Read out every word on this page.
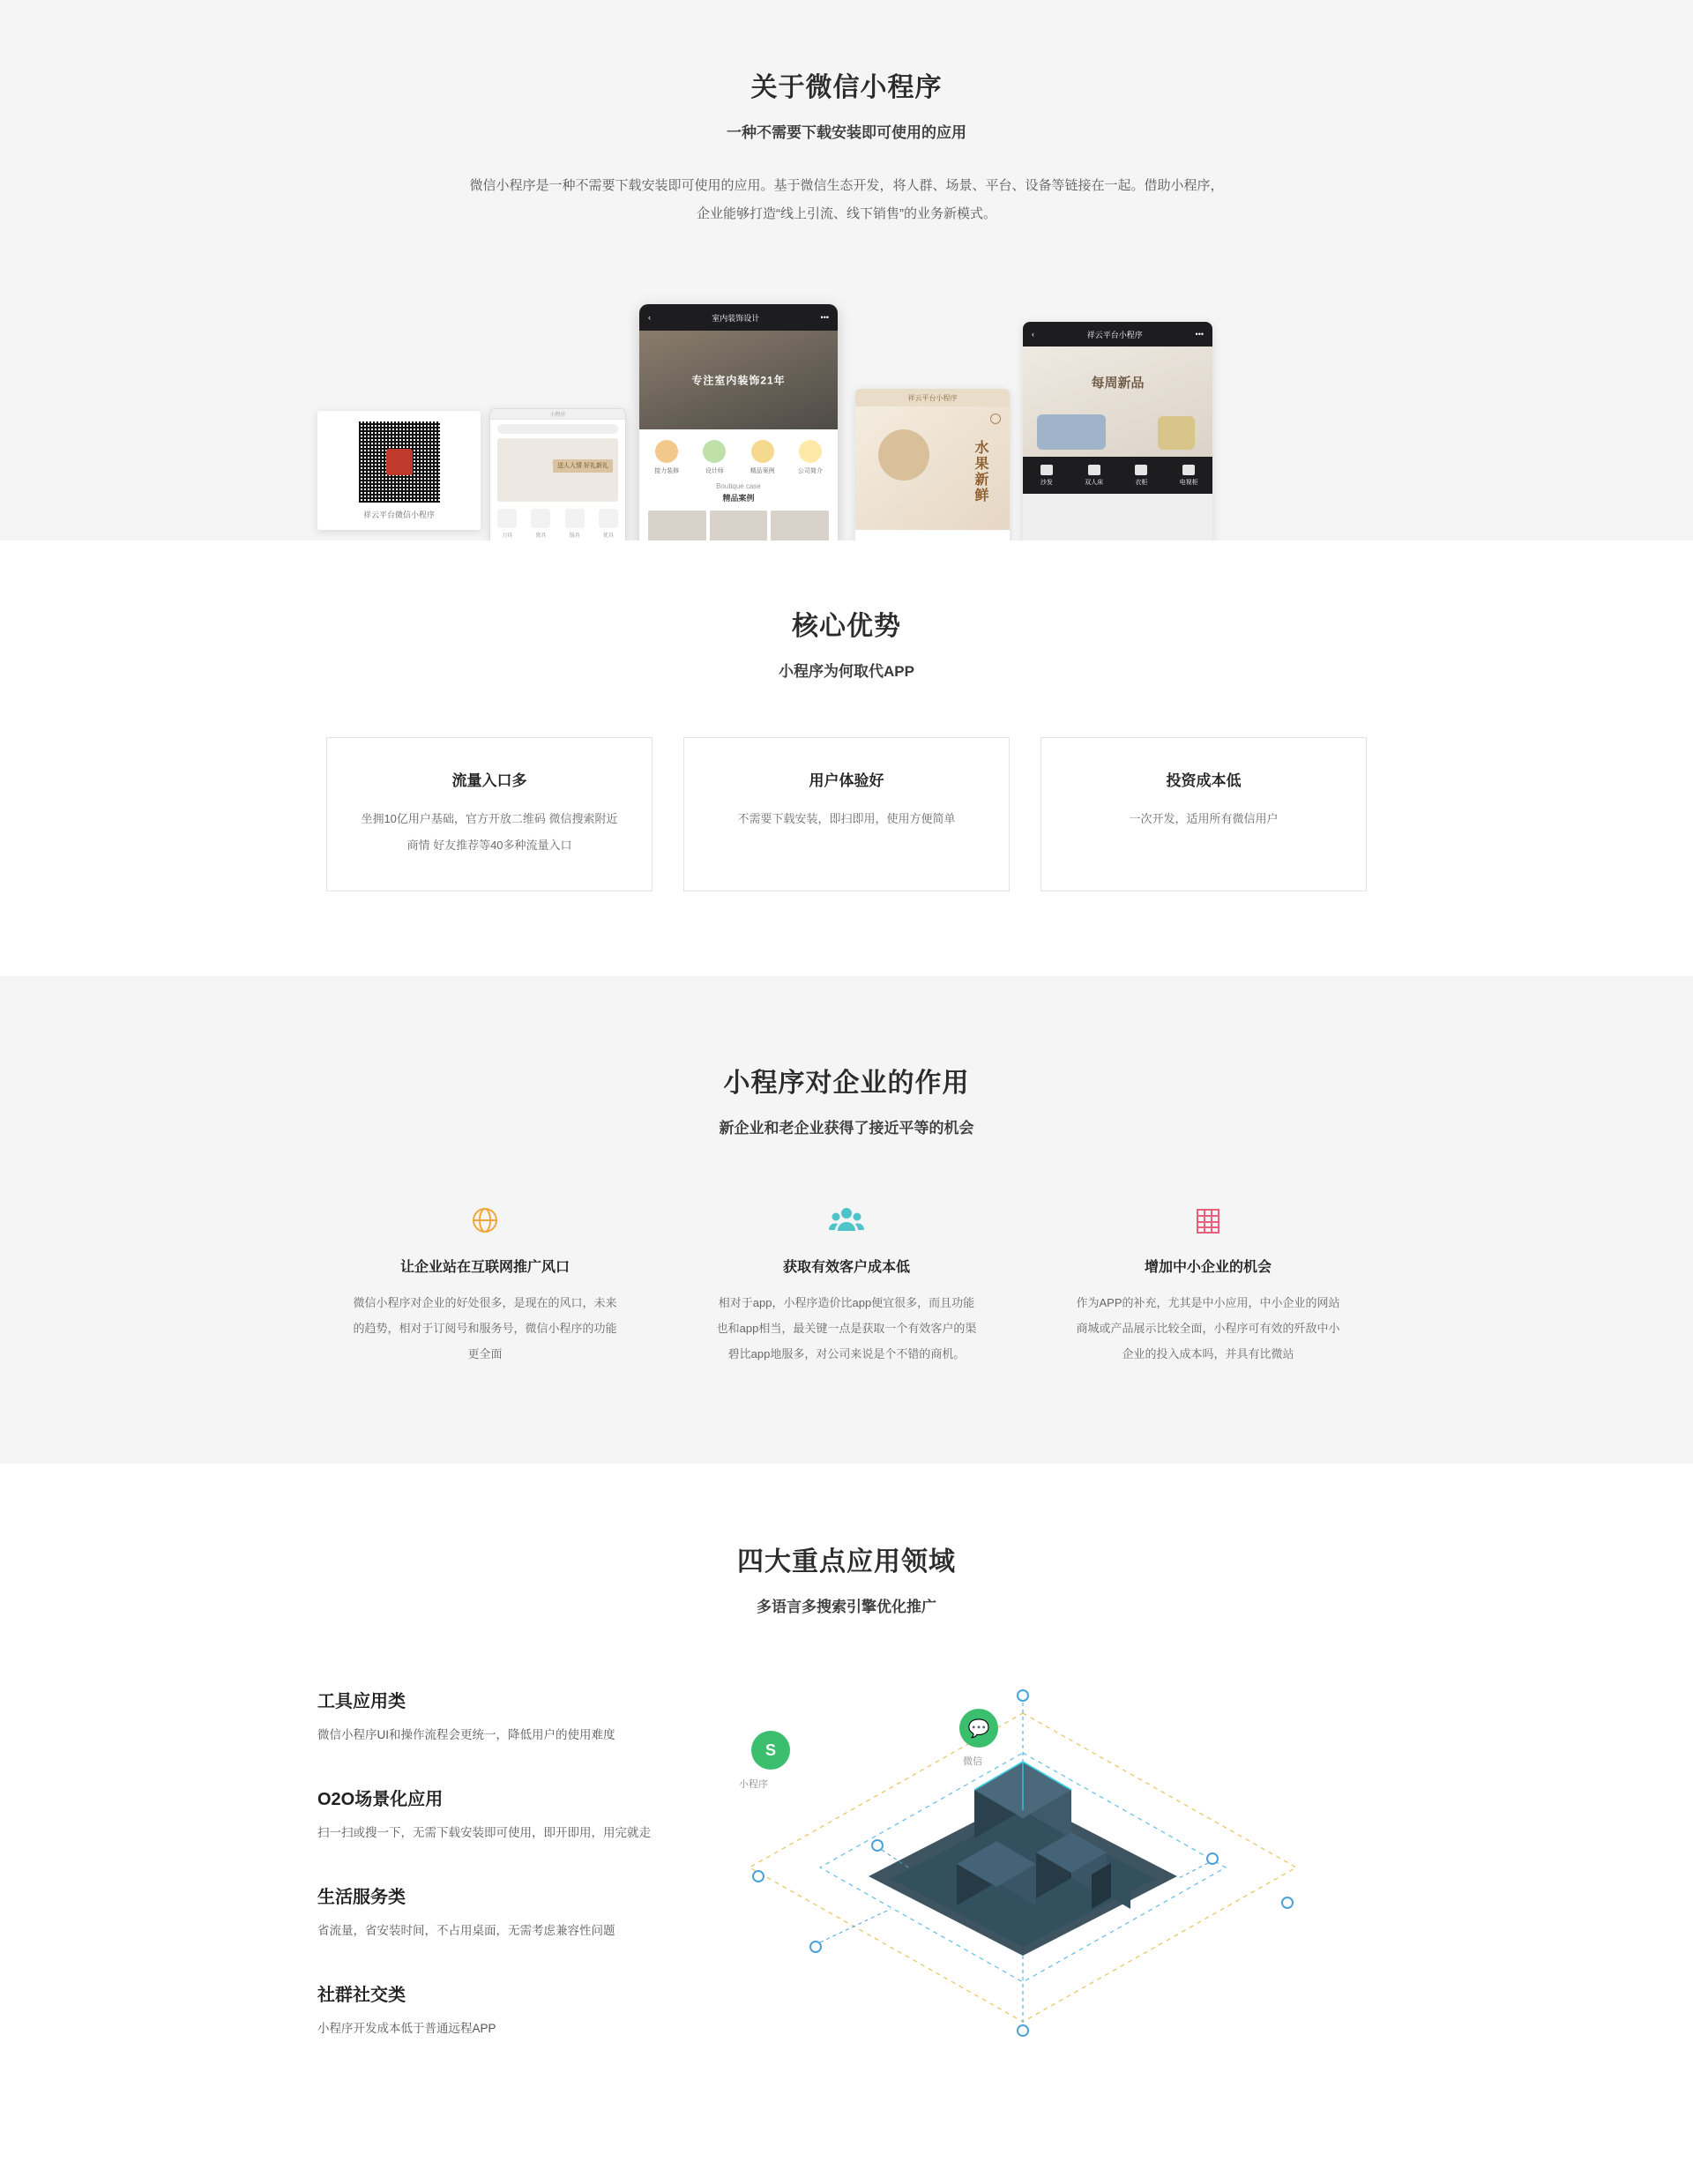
关于微信小程序
一种不需要下载安装即可使用的应用

微信小程序是一种不需要下载安装即可使用的应用。基于微信生态开发，将人群、场景、平台、设备等链接在一起。借助小程序，
企业能够打造“线上引流、线下销售”的业务新模式。

祥云平台微信小程序
小程序
送人人情 好礼新礼
刀具	瓷具	锅具	优具
‹	室内装饰设计	•••
专注室内装饰21年
接力装修	设计师	精品案例	公司简介
Boutique case
精品案例
祥云平台小程序
水果新鲜
‹	祥云平台小程序	•••
每周新品
沙发	双人床	衣柜	电视柜
核心优势
小程序为何取代APP
流量入口多

坐拥10亿用户基础，官方开放二维码 微信搜索附近商情 好友推荐等40多种流量入口

用户体验好

不需要下载安装，即扫即用，使用方便简单

投资成本低

一次开发，适用所有微信用户

小程序对企业的作用
新企业和老企业获得了接近平等的机会
让企业站在互联网推广风口

微信小程序对企业的好处很多，是现在的风口，未来的趋势，相对于订阅号和服务号，微信小程序的功能更全面

获取有效客户成本低

相对于app，小程序造价比app便宜很多，而且功能也和app相当，最关键一点是获取一个有效客户的渠碧比app地服多，对公司来说是个不错的商机。

增加中小企业的机会

作为APP的补充，尤其是中小应用，中小企业的网站商城或产品展示比较全面，小程序可有效的歼敌中小企业的投入成本吗，并具有比微站

四大重点应用领域
多语言多搜索引擎优化推广
工具应用类

微信小程序UI和操作流程会更统一，降低用户的使用难度

O2O场景化应用

扫一扫或搜一下，无需下载安装即可使用，即开即用，用完就走

生活服务类

省流量，省安装时间，不占用桌面，无需考虑兼容性问题

社群社交类

小程序开发成本低于普通远程APP

S
小程序
💬
微信
